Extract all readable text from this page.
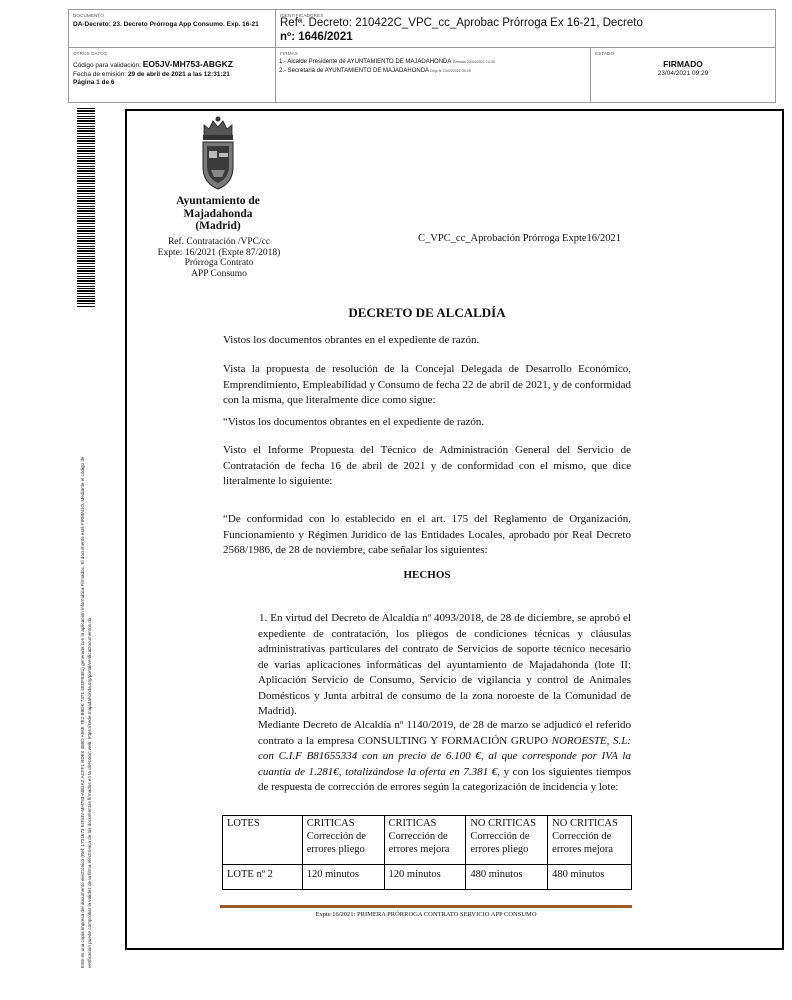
DOCUMENTO
DA-Decreto: 23. Decreto Prórroga App Consumo. Exp. 16-21
IDENTIFICADORES
Refª. Decreto: 210422C_VPC_cc_Aprobac Prórroga Ex 16-21, Decreto
nº: 1646/2021
OTROS DATOS
Código para validación: EO5JV-MH753-ABGKZ
Fecha de emisión: 29 de abril de 2021 a las 12:31:21
Página 1 de 6
FIRMAS
1.- Alcalde Presidente de AYUNTAMIENTO DE MAJADAHONDA Firmado 23/04/2021 14:35
2.- Secretaria de AYUNTAMIENTO DE MAJADAHONDA Dejo fe 23/04/2021 09:29
ESTADO
FIRMADO
23/04/2021 09:29
Este es una copia impresa del documento electrónico (Ref: 1731673 EO5JV-MH753-ABGKZ ACFF1 BDE0 485D A56E 7E2 B8DE 7371 4EDF8381) generada con la aplicación informática Firmadoc. El documento está FIRMADO. Mediante el código de verificación puede comprobar la validez de la firma electrónica de los documentos firmados en la dirección web: https://sede.majadahonda.org/portal/verificaDocumentos.do
Ayuntamiento de
Majadahonda
(Madrid)
Ref. Contratación /VPC/cc
Expte: 16/2021 (Expte 87/2018)
Prórroga Contrato
APP Consumo
C_VPC_cc_Aprobación Prórroga Expte16/2021
DECRETO DE ALCALDÍA
Vistos los documentos obrantes en el expediente de razón.
Vista la propuesta de resolución de la Concejal Delegada de Desarrollo Económico, Emprendimiento, Empleabilidad y Consumo de fecha 22 de abril de 2021, y de conformidad con la misma, que literalmente dice como sigue:
“Vistos los documentos obrantes en el expediente de razón.
Visto el Informe Propuesta del Técnico de Administración General del Servicio de Contratación de fecha 16 de abril de 2021 y de conformidad con el mismo, que dice literalmente lo siguiente:
“De conformidad con lo establecido en el art. 175 del Reglamento de Organización, Funcionamiento y Régimen Jurídico de las Entidades Locales, aprobado por Real Decreto 2568/1986, de 28 de noviembre, cabe señalar los siguientes:
HECHOS
1. En virtud del Decreto de Alcaldía nº 4093/2018, de 28 de diciembre, se aprobó el expediente de contratación, los pliegos de condiciones técnicas y cláusulas administrativas particulares del contrato de Servicios de soporte técnico necesario de varias aplicaciones informáticas del ayuntamiento de Majadahonda (lote II: Aplicación Servicio de Consumo, Servicio de vigilancia y control de Animales Domésticos y Junta arbitral de consumo de la zona noroeste de la Comunidad de Madrid).
Mediante Decreto de Alcaldía nº 1140/2019, de 28 de marzo se adjudicó el referido contrato a la empresa CONSULTING Y FORMACIÓN GRUPO NOROESTE, S.L: con C.I.F B81655334 con un precio de 6.100 €, al que corresponde por IVA la cuantía de 1.281€, totalizándose la oferta en 7.381 €, y con los siguientes tiempos de respuesta de corrección de errores según la categorización de incidencia y lote:
LOTES	CRITICAS Corrección de errores pliego	CRITICAS Corrección de errores mejora	NO CRITICAS Corrección de errores pliego	NO CRITICAS Corrección de errores mejora
LOTE nº 2	120 minutos	120 minutos	480 minutos	480 minutos
Expte 16/2021: PRIMERA PRÓRROGA CONTRATO SERVICIO APP CONSUMO
